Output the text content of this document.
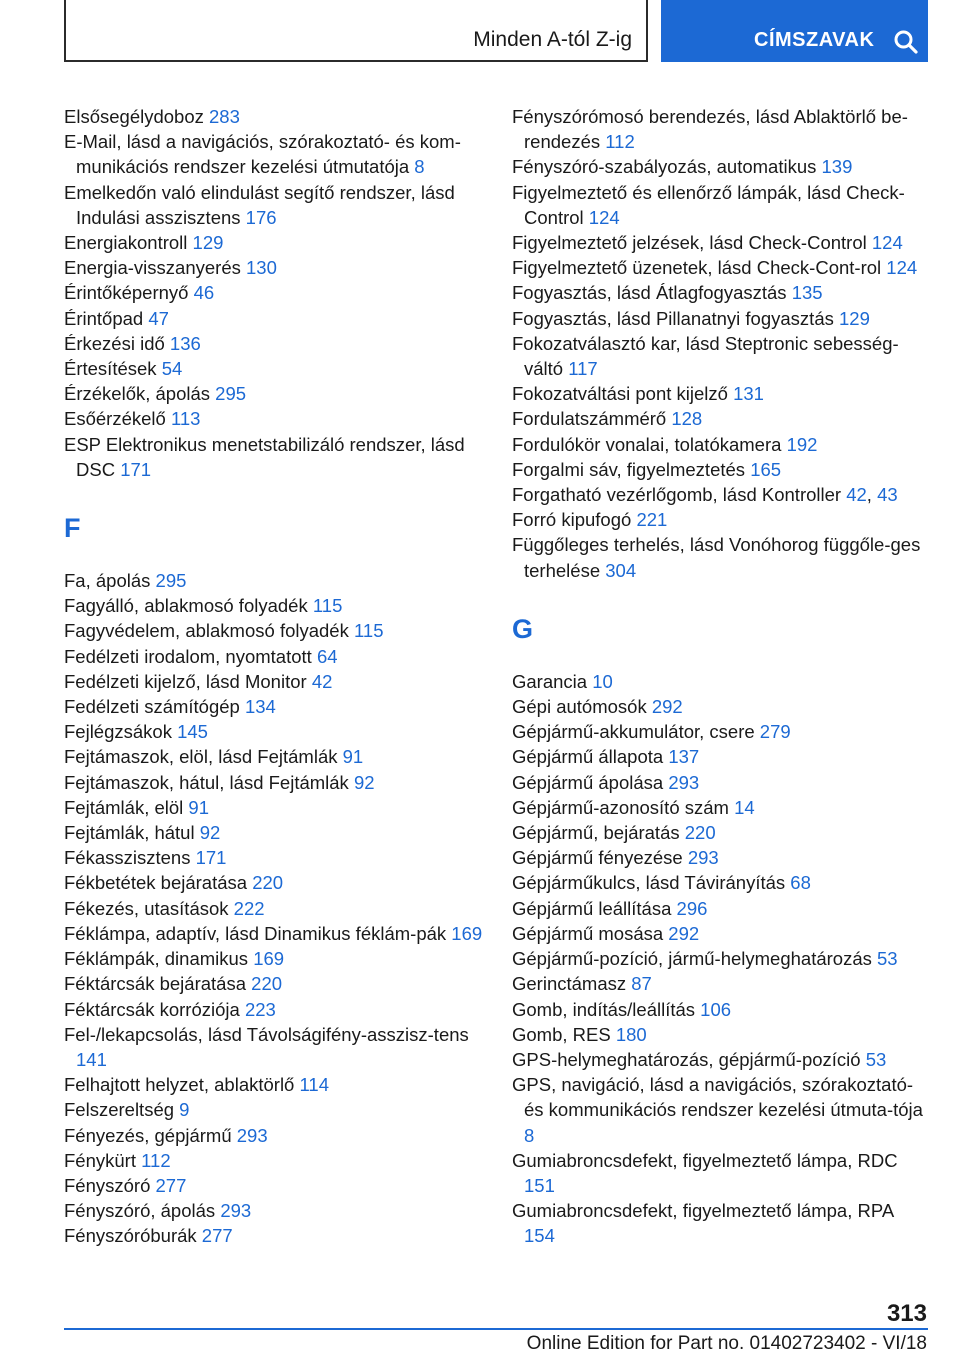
Minden A-tól Z-ig	CÍMSZAVAK
Elsősegélydoboz 283
E-Mail, lásd a navigációs, szórakoztató- és kom‐munikációs rendszer kezelési útmutatója 8
Emelkedőn való elindulást segítő rendszer, lásd Indulási asszisztens 176
Energiakontroll 129
Energia-visszanyerés 130
Érintőképernyő 46
Érintőpad 47
Érkezési idő 136
Értesítések 54
Érzékelők, ápolás 295
Esőérzékelő 113
ESP Elektronikus menetstabilizáló rendszer, lásd DSC 171
F
Fa, ápolás 295
Fagyálló, ablakmosó folyadék 115
Fagyvédelem, ablakmosó folyadék 115
Fedélzeti irodalom, nyomtatott 64
Fedélzeti kijelző, lásd Monitor 42
Fedélzeti számítógép 134
Fejlégzsákok 145
Fejtámaszok, elöl, lásd Fejtámlák 91
Fejtámaszok, hátul, lásd Fejtámlák 92
Fejtámlák, elöl 91
Fejtámlák, hátul 92
Fékasszisztens 171
Fékbetétek bejáratása 220
Fékezés, utasítások 222
Féklámpa, adaptív, lásd Dinamikus féklám‐pák 169
Féklámpák, dinamikus 169
Féktárcsák bejáratása 220
Féktárcsák korróziója 223
Fel-/lekapcsolás, lásd Távolságifény-asszisz‐tens 141
Felhajtott helyzet, ablaktörlő 114
Felszereltség 9
Fényezés, gépjármű 293
Fénykürt 112
Fényszóró 277
Fényszóró, ápolás 293
Fényszóróburák 277
Fényszórómosó berendezés, lásd Ablaktörlő be‐rendezés 112
Fényszóró-szabályozás, automatikus 139
Figyelmeztető és ellenőrző lámpák, lásd Check-Control 124
Figyelmeztető jelzések, lásd Check-Control 124
Figyelmeztető üzenetek, lásd Check-Cont‐rol 124
Fogyasztás, lásd Átlagfogyasztás 135
Fogyasztás, lásd Pillanatnyi fogyasztás 129
Fokozatválasztó kar, lásd Steptronic sebesség‐váltó 117
Fokozatváltási pont kijelző 131
Fordulatszámmérő 128
Fordulókör vonalai, tolatókamera 192
Forgalmi sáv, figyelmeztetés 165
Forgatható vezérlőgomb, lásd Kontroller 42, 43
Forró kipufogó 221
Függőleges terhelés, lásd Vonóhorog függőle‐ges terhelése 304
G
Garancia 10
Gépi autómosók 292
Gépjármű-akkumulátor, csere 279
Gépjármű állapota 137
Gépjármű ápolása 293
Gépjármű-azonosító szám 14
Gépjármű, bejáratás 220
Gépjármű fényezése 293
Gépjárműkulcs, lásd Távirányítás 68
Gépjármű leállítása 296
Gépjármű mosása 292
Gépjármű-pozíció, jármű-helymeghatározás 53
Gerinctámasz 87
Gomb, indítás/leállítás 106
Gomb, RES 180
GPS-helymeghatározás, gépjármű-pozíció 53
GPS, navigáció, lásd a navigációs, szórakoztató- és kommunikációs rendszer kezelési útmuta‐tója 8
Gumiabroncsdefekt, figyelmeztető lámpa, RDC 151
Gumiabroncsdefekt, figyelmeztető lámpa, RPA 154
313
Online Edition for Part no. 01402723402 - VI/18
